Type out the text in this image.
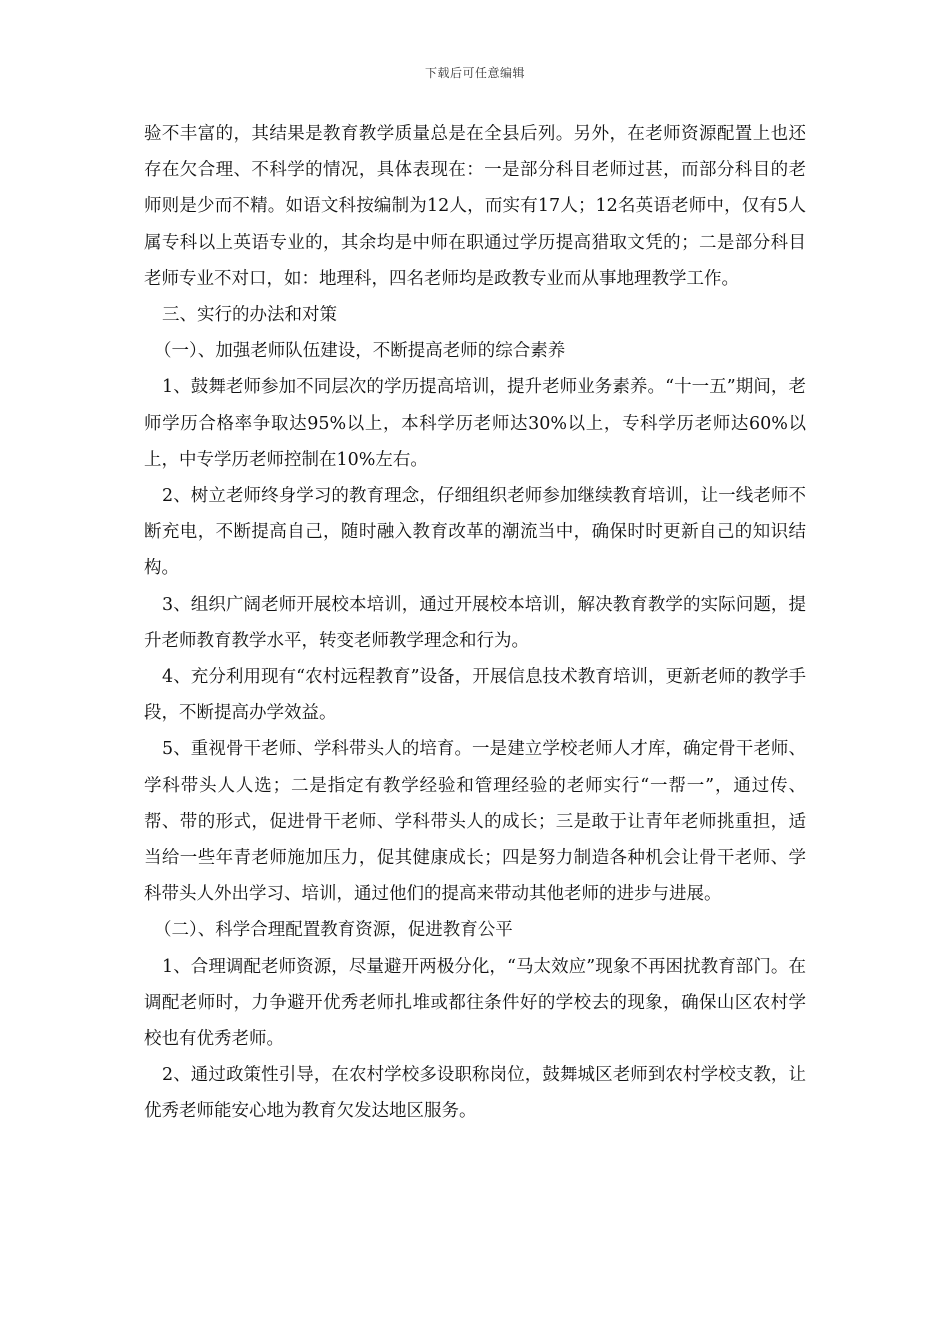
下载后可任意编辑

验不丰富的，其结果是教育教学质量总是在全县后列。另外，在老师资源配置上也还存在欠合理、不科学的情况，具体表现在：一是部分科目老师过甚，而部分科目的老师则是少而不精。如语文科按编制为12人，而实有17人；12名英语老师中，仅有5人属专科以上英语专业的，其余均是中师在职通过学历提高猎取文凭的；二是部分科目老师专业不对口，如：地理科，四名老师均是政教专业而从事地理教学工作。

三、实行的办法和对策

（一）、加强老师队伍建设，不断提高老师的综合素养

1、鼓舞老师参加不同层次的学历提高培训，提升老师业务素养。“十一五”期间，老师学历合格率争取达95%以上，本科学历老师达30%以上，专科学历老师达60%以上，中专学历老师控制在10%左右。

2、树立老师终身学习的教育理念，仔细组织老师参加继续教育培训，让一线老师不断充电，不断提高自己，随时融入教育改革的潮流当中，确保时时更新自己的知识结构。

3、组织广阔老师开展校本培训，通过开展校本培训，解决教育教学的实际问题，提升老师教育教学水平，转变老师教学理念和行为。

4、充分利用现有“农村远程教育”设备，开展信息技术教育培训，更新老师的教学手段，不断提高办学效益。

5、重视骨干老师、学科带头人的培育。一是建立学校老师人才库，确定骨干老师、学科带头人人选；二是指定有教学经验和管理经验的老师实行“一帮一”，通过传、帮、带的形式，促进骨干老师、学科带头人的成长；三是敢于让青年老师挑重担，适当给一些年青老师施加压力，促其健康成长；四是努力制造各种机会让骨干老师、学科带头人外出学习、培训，通过他们的提高来带动其他老师的进步与进展。

（二）、科学合理配置教育资源，促进教育公平

1、合理调配老师资源，尽量避开两极分化，“马太效应”现象不再困扰教育部门。在调配老师时，力争避开优秀老师扎堆或都往条件好的学校去的现象，确保山区农村学校也有优秀老师。

2、通过政策性引导，在农村学校多设职称岗位，鼓舞城区老师到农村学校支教，让优秀老师能安心地为教育欠发达地区服务。
